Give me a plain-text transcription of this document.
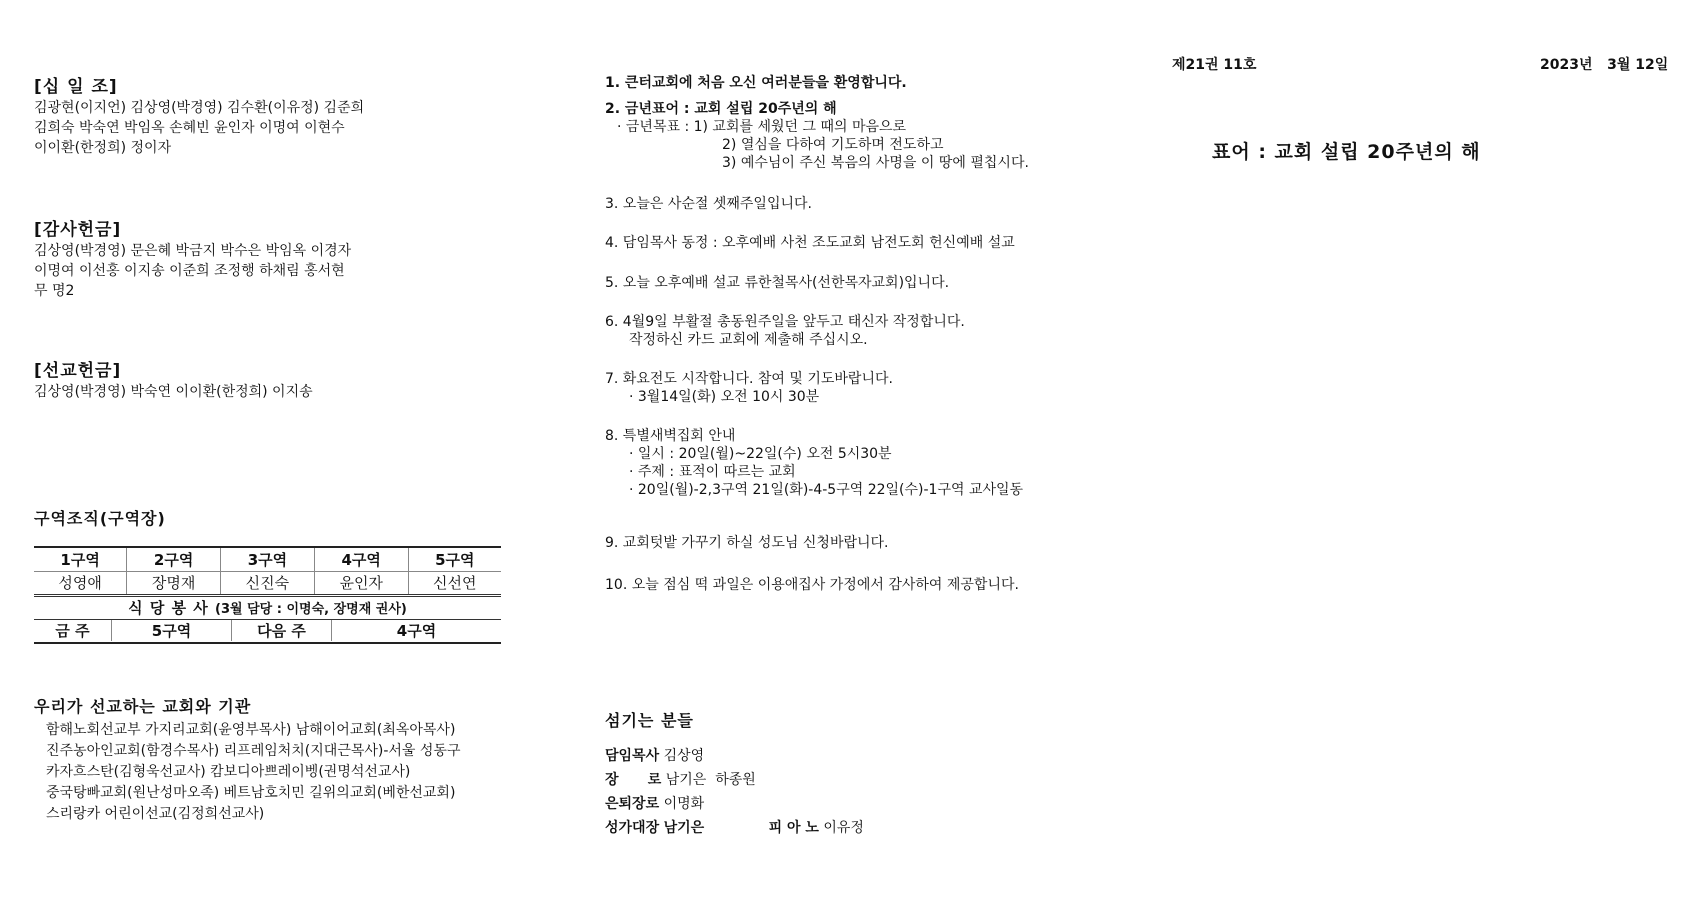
[십 일 조]
김광현(이지언) 김상영(박경영) 김수환(이유정) 김준희
김희숙 박숙연 박임옥 손혜빈 윤인자 이명여 이현수
이이환(한정희) 정이자
[감사헌금]
김상영(박경영) 문은혜 박금지 박수은 박임옥 이경자
이명여 이선홍 이지송 이준희 조정행 하채림 홍서현
무 명2
[선교헌금]
김상영(박경영) 박숙연 이이환(한정희) 이지송
구역조직(구역장)
1구역	2구역	3구역	4구역	5구역
성영애	장명재	신진숙	윤인자	신선연
식 당 봉 사 (3월 담당 : 이명숙, 장명재 권사)				

금 주 5구역 다음 주 4구역				
우리가 선교하는 교회와 기관
함해노회선교부 가지리교회(윤영부목사) 남해이어교회(최옥아목사)
진주농아인교회(함경수목사) 리프레임처치(지대근목사)-서울 성동구
카자흐스탄(김형욱선교사) 캄보디아쁘레이벵(권명석선교사)
중국탕빠교회(원난성마오족) 베트남호치민 길위의교회(베한선교회)
스리랑카 어린이선교(김정희선교사)
1. 큰터교회에 처음 오신 여러분들을 환영합니다.
2. 금년표어 : 교회 설립 20주년의 해
· 금년목표 : 1) 교회를 세웠던 그 때의 마음으로
2) 열심을 다하여 기도하며 전도하고
3) 예수님이 주신 복음의 사명을 이 땅에 펼칩시다.
3. 오늘은 사순절 셋째주일입니다.
4. 담임목사 동정 : 오후예배 사천 조도교회 남전도회 헌신예배 설교
5. 오늘 오후예배 설교 류한철목사(선한목자교회)입니다.
6. 4월9일 부활절 총동원주일을 앞두고 태신자 작정합니다.
작정하신 카드 교회에 제출해 주십시오.
7. 화요전도 시작합니다. 참여 및 기도바랍니다.
· 3월14일(화) 오전 10시 30분
8. 특별새벽집회 안내
· 일시 : 20일(월)~22일(수) 오전 5시30분
· 주제 : 표적이 따르는 교회
· 20일(월)-2,3구역 21일(화)-4-5구역 22일(수)-1구역 교사일동
9. 교회텃밭 가꾸기 하실 성도님 신청바랍니다.
10. 오늘 점심 떡 과일은 이용애집사 가정에서 감사하여 제공합니다.
섬기는 분들
담임목사 김상영
장      로 남기은  하종원
은퇴장로 이명화
성가대장 남기은	피 아 노 이유정
제21권 11호	2023년   3월 12일
표어 : 교회 설립 20주년의 해
